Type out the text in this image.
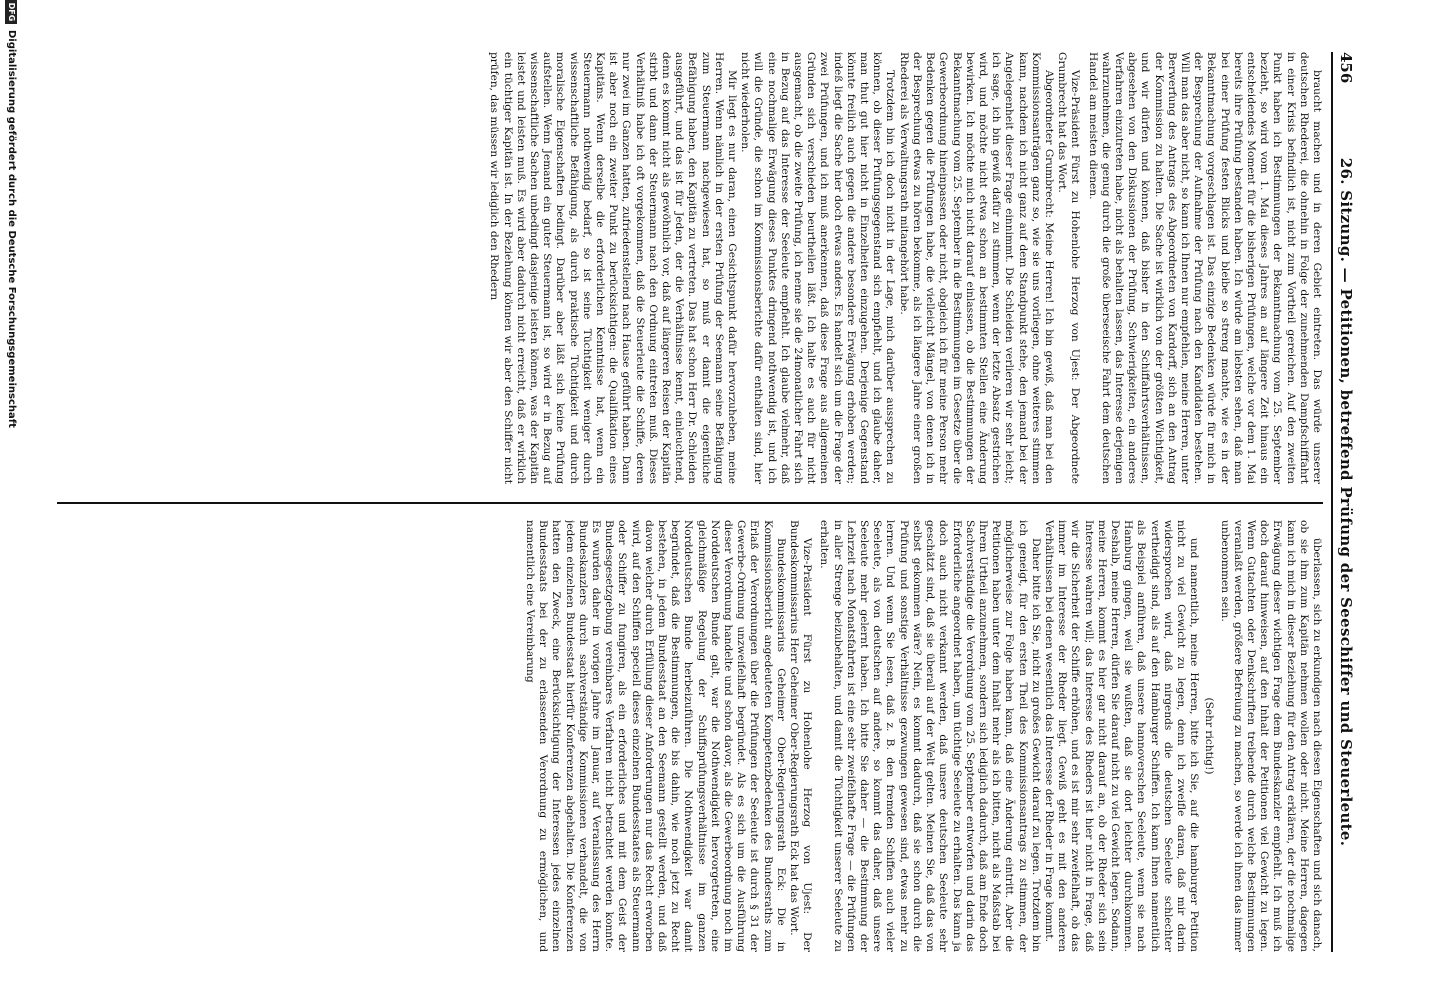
456
26. Sitzung. — Petitionen, betreffend Prüfung der Seeschiffer und Steuerleute.

braucht machen und in deren Gebiet eintreten. Das würde unserer deutschen Rhederei, die ohnehin in Folge der zunehmenden Dampfschifffahrt in einer Krisis befindlich ist, nicht zum Vortheil gereichen. Auf den zweiten Punkt haben ich Bestimmungen der Bekanntmachung vom 25. September bezieht, so wird vom 1. Mai dieses Jahres an auf längere Zeit hinaus ein entscheidendes Moment für die bisherigen Prüfungen, welche vor dem 1. Mai bereits ihre Prüfung bestanden haben. Ich würde am liebsten sehen, daß man bei einer Prüfung festen Blicks und bleibe so streng machte, wie es in der Bekanntmachung vorgeschlagen ist. Das einzige Bedenken würde für mich in der Besprechung der Aufnahme der Prüfung nach den Kandidaten bestehen. Will man das aber nicht, so kann ich Ihnen nur empfehlen, meine Herren, unter Berwerfung des Antrags des Abgeordneten von Kardorff, sich an den Antrag der Kommission zu halten. Die Sache ist wirklich von der größten Wichtigkeit, und wir dürfen und können, daß bisher in den Schiffahrtsverhältnissen, abgesehen von den Diskussionen der Prüfung, Schwierigkeiten, ein anderes Verfahren einzutreten habe, nicht als behalten lassen, das Interesse derjenigen wahrzunehmen, die genug durch die große überseeische Fahrt dem deutschen Handel am meisten dienen.

Vize-Präsident Fürst zu Hohenlohe Herzog von Ujest: Der Abgeordnete Grumbrecht hat das Wort.

Abgeordneter Grumbrecht: Meine Herren! Ich bin gewiß, daß man bei den Kommissionsanträgen ganz so, wie sie uns vorliegen, ohne weiteres stimmen kann, nachdem ich nicht ganz auf dem Standpunkt stehe, den jemand bei der Angelegenheit dieser Frage einnimmt. Die Schleiden verlieren wir sehr leicht; ich sage, ich bin gewiß dafür zu stimmen, wenn der letzte Absatz gestrichen wird, und möchte nicht etwa schon an bestimmten Stellen eine Änderung bewirken. Ich möchte mich nicht darauf einlassen, ob die Bestimmungen der Bekanntmachung vom 25. September in die Bestimmungen im Gesetze über die Gewerbeordnung hineinpassen oder nicht, obgleich ich für meine Person mehr Bedenken gegen die Prüfungen habe, die vielleicht Mängel, von denen ich in der Besprechung etwas zu hören bekomme, als ich längere Jahre einer großen Rhederei als Verwaltungsrath mitangehört habe.

Trotzdem bin ich doch nicht in der Lage, mich darüber aussprechen zu können, ob dieser Prüfungsgegenstand sich empfiehlt, und ich glaube daher, man thut gut hier nicht in Einzelheiten einzugehen. Derjenige Gegenstand könnte freilich auch gegen die andere besondere Erwägung erhoben werden; indeß liegt die Sache hier doch etwas anders. Es handelt sich um die Frage der zwei Prüfungen, und ich muß anerkennen, daß diese Frage aus allgemeinen Gründen sich verschieden beurtheilen läßt. Ich halte es auch für nicht ausgemacht, ob die zweite Prüfung, ich nenne sie die 24monatlicher Fahrt sich in Bezug auf das Interesse der Seeleute empfiehlt. Ich glaube vielmehr, daß eine nochmalige Erwägung dieses Punktes dringend nothwendig ist, und ich will die Gründe, die schon im Kommissionsberichte dafür enthalten sind, hier nicht wiederholen.

Mir liegt es nur daran, einen Gesichtspunkt dafür hervorzuheben, meine Herren. Wenn nämlich in der ersten Prüfung der Seemann seine Befähigung zum Steuermann nachgewiesen hat, so muß er damit die eigentliche Befähigung haben, den Kapitän zu vertreten. Das hat schon Herr Dr. Schleiden ausgeführt, und das ist für Jeden, der die Verhältnisse kennt, einleuchtend, denn es kommt nicht als gewöhnlich vor, daß auf längeren Reisen der Kapitän stirbt und dann der Steuermann nach den Ordnung eintreten muß. Dieses Verhältniß habe ich oft vorgekommen, daß die Steuerleute die Schiffe, deren nur zwei im Ganzen hatten, zufriedenstellend nach Hause geführt haben. Dann ist aber noch ein zweiter Punkt zu berücksichtigen: die Qualifikation eines Kapitäns. Wenn derselbe die erforderlichen Kenntnisse hat, wenn ein Steuermann nothwendig bedarf, so ist seine Tüchtigkeit weniger durch wissenschaftliche Befähigung, als durch praktische Tüchtigkeit und durch moralische Eigenschaften bedingt. Darüber aber läßt sich keine Prüfung aufstellen. Wenn Jemand ein guter Steuermann ist, so wird er in Bezug auf wissenschaftliche Sachen unbedingt dasjenige leisten können, was der Kapitän leistet und leisten muß. Es wird aber dadurch nicht erreicht, daß er wirklich ein tüchtiger Kapitän ist. In der Beziehung können wir aber den Schiffer nicht prüfen, das müssen wir lediglich den Rhedern

überlassen, sich zu erkundigen nach diesen Eigenschaften und sich danach, ob sie ihm zum Kapitän nehmen wollen oder nicht. Meine Herren, dagegen kann ich mich in dieser Beziehung für den Antrag erklären, der die nochmalige Erwägung dieser wichtigen Frage dem Bundeskanzler empfiehlt. Ich muß ich doch darauf hinweisen, auf den Inhalt der Petitionen viel Gewicht zu legen. Wenn Gutachten oder Denkschriften treibende durch welche Bestimmungen veranlaßt werden, größere Befreiung zu machen, so werde ich ihnen das immer unbenommen sein.

(Sehr richtig!)

und namentlich, meine Herren, bitte ich Sie, auf die hamburger Petition nicht zu viel Gewicht zu legen, denn ich zweifle daran, daß mir darin widersprochen wird, daß nirgends die deutschen Seeleute schlechter vertheidigt sind, als auf den Hamburger Schiffen. Ich kann Ihnen namentlich als Beispiel anführen, daß unsere hannoverschen Seeleute, wenn sie nach Hamburg gingen, weil sie wußten, daß sie dort leichter durchkommen. Deshalb, meine Herren, dürfen Sie darauf nicht zu viel Gewicht legen. Sodann, meine Herren, kommt es hier gar nicht darauf an, ob der Rheder sich sein Interesse wahren will; das Interesse des Rheders ist hier nicht in Frage, daß wir die Sicherheit der Schiffe erhöhen, und es ist mir sehr zweifelhaft, ob das immer im Interesse der Rheder liegt. Gewiß geht es mit den anderen Verhältnissen bei denen wesentlich das Interesse der Rheder in Frage kommt.

Daher bitte ich Sie, nicht zu großes Gewicht darauf zu legen. Trotzdem bin ich geneigt, für den ersten Theil des Kommissionsantrags zu stimmen, der möglicherweise zur Folge haben kann, daß eine Änderung eintritt. Aber die Petitionen haben unter dem Inhalt mehr als ich bitten, nicht als Maßstab bei Ihrem Urtheil anzunehmen, sondern sich lediglich dadurch, daß am Ende doch Sachverständige die Verordnung vom 25. September entworfen und darin das Erforderliche angeordnet haben, um tüchtige Seeleute zu erhalten. Das kann ja doch auch nicht verkannt werden, daß unsere deutschen Seeleute sehr geschätzt sind, daß sie überall auf der Welt gelten. Meinen Sie, daß das von selbst gekommen wäre? Nein, es kommt dadurch, daß sie schon durch die Prüfung und sonstige Verhältnisse gezwungen gewesen sind, etwas mehr zu lernen. Und wenn Sie lesen, daß z. B. den fremden Schiffen auch vieler Seeleute, als von deutschen auf andere, so kommt das daher, daß unsere Seeleute mehr gelernt haben. Ich bitte Sie daher — die Bestimmung der Lehrzeit nach Monatsfahrten ist eine sehr zweifelhafte Frage — die Prüfungen in aller Strenge beizubehalten, und damit die Tüchtigkeit unserer Seeleute zu erhalten.

Vize-Präsident Fürst zu Hohenlohe Herzog von Ujest: Der Bundeskommissarius Herr Geheimer Ober-Regierungsrath Eck hat das Wort.

Bundeskommissarius Geheimer Ober-Regierungsrath Eck: Die in Kommissionsbericht angedeuteten Kompetenzbedenken des Bundesraths zum Erlaß der Verordnungen über die Prüfungen der Seeleute ist durch § 31 der Gewerbe-Ordnung unzweifelhaft begründet. Als es sich um die Ausführung dieser Verordnung handelte und schon davor, als die Gewerbeordnung noch im Norddeutschen Bunde galt, war die Nothwendigkeit hervorgetreten, eine gleichmäßige Regelung der Schiffsprüfungsverhältnisse im ganzen Norddeutschen Bunde herbeizuführen. Die Nothwendigkeit war damit begründet, daß die Bestimmungen, die bis dahin, wie noch jetzt zu Recht bestehen, in jedem Bundesstaat an den Seemann gestellt werden, und daß davon welcher durch Erfüllung dieser Anforderungen nur das Recht erworben wird, auf den Schiffen speciell dieses einzelnen Bundesstaates als Steuermann oder Schiffer zu fungiren, als ein erforderliches und mit dem Geist der Bundesgesetzgebung vereinbares Verfahren nicht betrachtet werden konnte. Es wurden daher in vorigen Jahre im Januar, auf Veranlassung des Herrn Bundeskanzlers durch sachverständige Kommissionen verhandelt, die von jedem einzelnen Bundesstaat hierfür Konferenzen abgehalten. Die Konferenzen hatten den Zweck, eine Berücksichtigung der Interessen jedes einzelnen Bundesstaats bei der zu erlassenden Verordnung zu ermöglichen, und namentlich eine Vereinbarung

DFG
Digitalisierung gefördert durch die Deutsche Forschungsgemeinschaft
